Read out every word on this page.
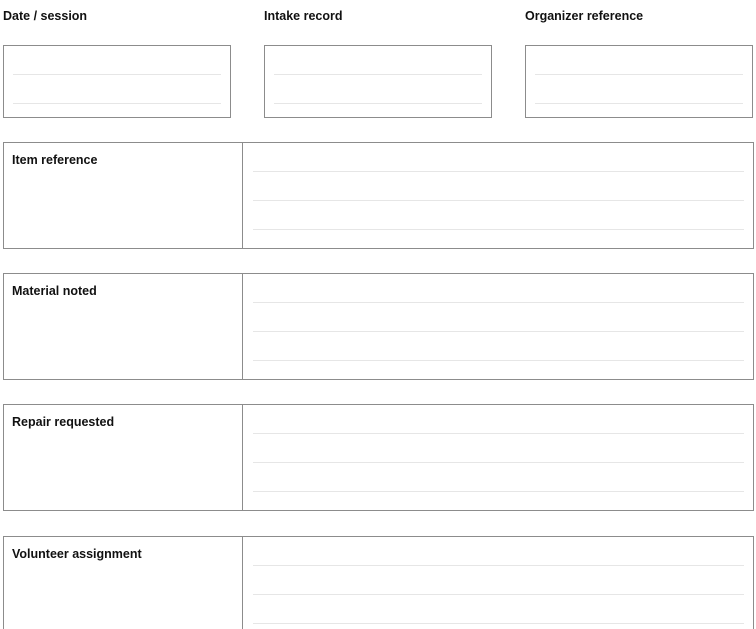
Date / session	Intake record	Organizer reference
Item reference
Material noted
Repair requested
Volunteer assignment
